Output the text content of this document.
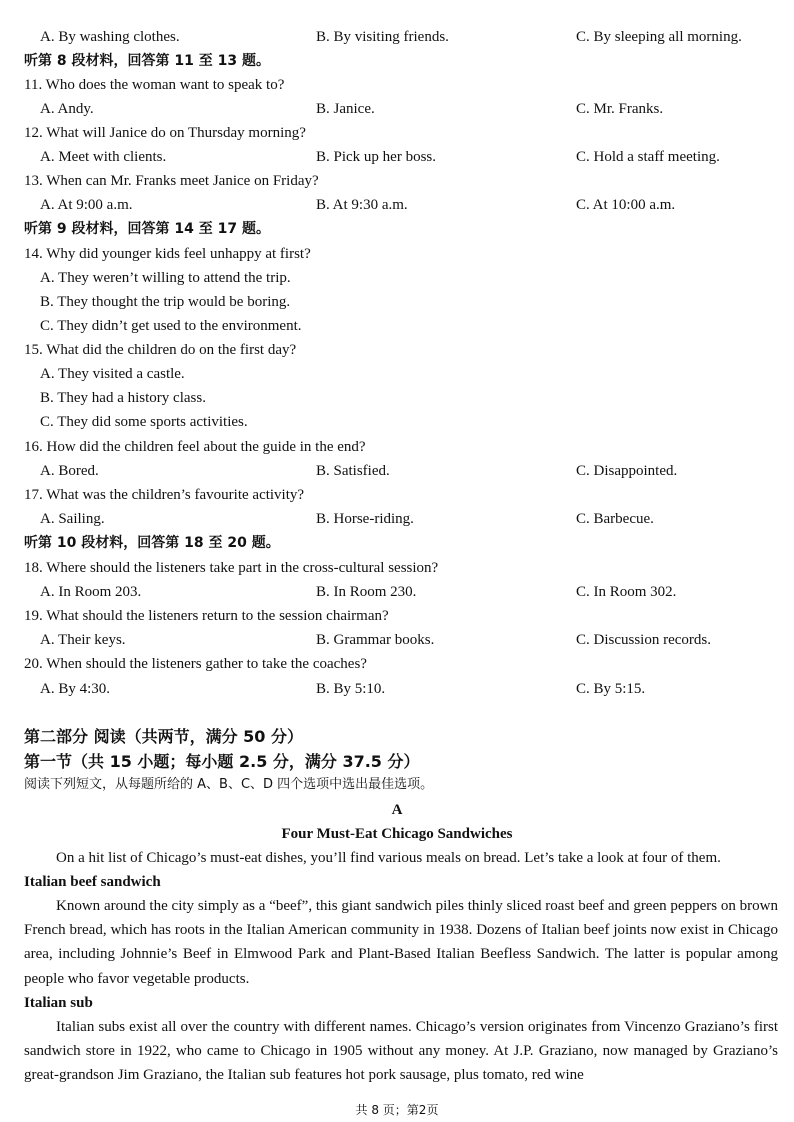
A. By washing clothes.	B. By visiting friends.	C. By sleeping all morning.
听第 8 段材料，回答第 11 至 13 题。
11. Who does the woman want to speak to?
A. Andy.	B. Janice.	C. Mr. Franks.
12. What will Janice do on Thursday morning?
A. Meet with clients.	B. Pick up her boss.	C. Hold a staff meeting.
13. When can Mr. Franks meet Janice on Friday?
A. At 9:00 a.m.	B. At 9:30 a.m.	C. At 10:00 a.m.
听第 9 段材料，回答第 14 至 17 题。
14. Why did younger kids feel unhappy at first?
A. They weren’t willing to attend the trip.
B. They thought the trip would be boring.
C. They didn’t get used to the environment.
15. What did the children do on the first day?
A. They visited a castle.
B. They had a history class.
C. They did some sports activities.
16. How did the children feel about the guide in the end?
A. Bored.	B. Satisfied.	C. Disappointed.
17. What was the children’s favourite activity?
A. Sailing.	B. Horse-riding.	C. Barbecue.
听第 10 段材料，回答第 18 至 20 题。
18. Where should the listeners take part in the cross-cultural session?
A. In Room 203.	B. In Room 230.	C. In Room 302.
19. What should the listeners return to the session chairman?
A. Their keys.	B. Grammar books.	C. Discussion records.
20. When should the listeners gather to take the coaches?
A. By 4:30.	B. By 5:10.	C. By 5:15.
第二部分 阅读（共两节，满分 50 分）
第一节（共 15 小题；每小题 2.5 分，满分 37.5 分）
阅读下列短文，从每题所给的 A、B、C、D 四个选项中选出最佳选项。
A
Four Must-Eat Chicago Sandwiches
On a hit list of Chicago’s must-eat dishes, you’ll find various meals on bread. Let’s take a look at four of them.
Italian beef sandwich
Known around the city simply as a “beef”, this giant sandwich piles thinly sliced roast beef and green peppers on brown French bread, which has roots in the Italian American community in 1938. Dozens of Italian beef joints now exist in Chicago area, including Johnnie’s Beef in Elmwood Park and Plant-Based Italian Beefless Sandwich. The latter is popular among people who favor vegetable products.
Italian sub
Italian subs exist all over the country with different names. Chicago’s version originates from Vincenzo Graziano’s first sandwich store in 1922, who came to Chicago in 1905 without any money. At J.P. Graziano, now managed by Graziano’s great-grandson Jim Graziano, the Italian sub features hot pork sausage, plus tomato, red wine
共 8 页；第2页
